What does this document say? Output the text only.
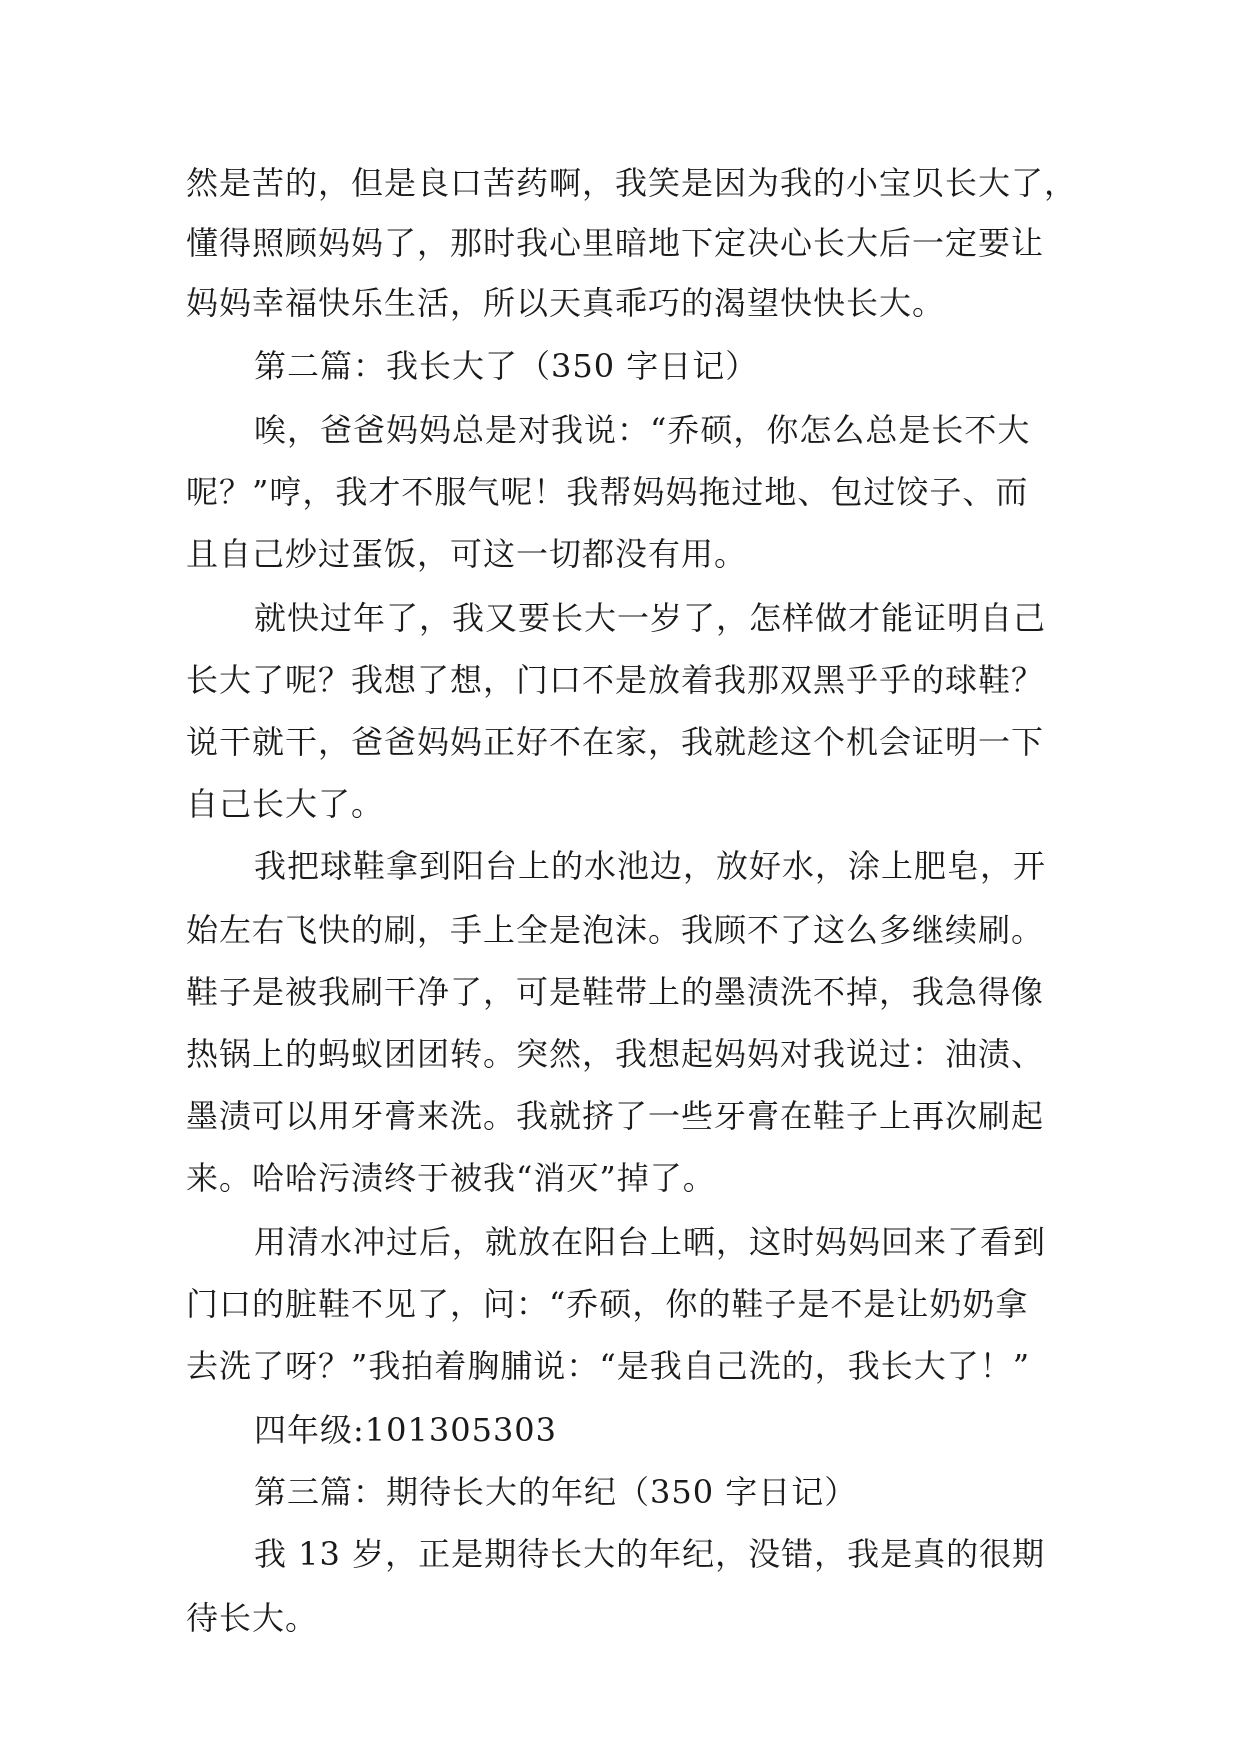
然是苦的，但是良口苦药啊，我笑是因为我的小宝贝长大了，
懂得照顾妈妈了，那时我心里暗地下定决心长大后一定要让
妈妈幸福快乐生活，所以天真乖巧的渴望快快长大。
第二篇：我长大了（350 字日记）
唉，爸爸妈妈总是对我说：“乔硕，你怎么总是长不大
呢？”哼，我才不服气呢！我帮妈妈拖过地、包过饺子、而
且自己炒过蛋饭，可这一切都没有用。
就快过年了，我又要长大一岁了，怎样做才能证明自己
长大了呢？我想了想，门口不是放着我那双黑乎乎的球鞋？
说干就干，爸爸妈妈正好不在家，我就趁这个机会证明一下
自己长大了。
我把球鞋拿到阳台上的水池边，放好水，涂上肥皂，开
始左右飞快的刷，手上全是泡沫。我顾不了这么多继续刷。
鞋子是被我刷干净了，可是鞋带上的墨渍洗不掉，我急得像
热锅上的蚂蚁团团转。突然，我想起妈妈对我说过：油渍、
墨渍可以用牙膏来洗。我就挤了一些牙膏在鞋子上再次刷起
来。哈哈污渍终于被我“消灭”掉了。
用清水冲过后，就放在阳台上晒，这时妈妈回来了看到
门口的脏鞋不见了，问：“乔硕，你的鞋子是不是让奶奶拿
去洗了呀？”我拍着胸脯说：“是我自己洗的，我长大了！”
四年级:101305303
第三篇：期待长大的年纪（350 字日记）
我 13 岁，正是期待长大的年纪，没错，我是真的很期
待长大。
